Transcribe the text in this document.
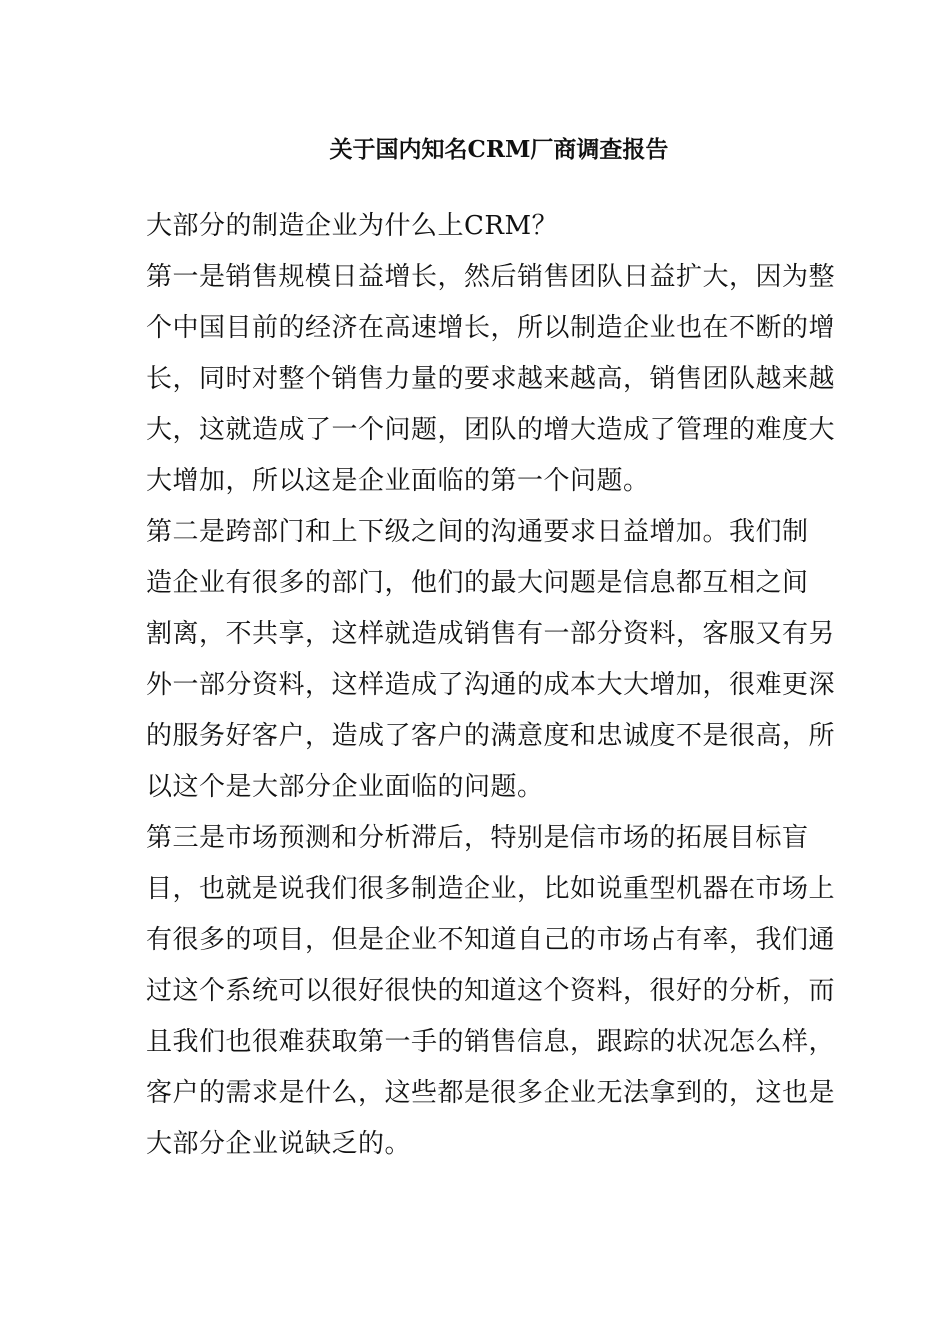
关于国内知名CRM厂商调查报告

大部分的制造企业为什么上CRM？

第一是销售规模日益增长，然后销售团队日益扩大，因为整

个中国目前的经济在高速增长，所以制造企业也在不断的增

长，同时对整个销售力量的要求越来越高，销售团队越来越

大，这就造成了一个问题，团队的增大造成了管理的难度大

大增加，所以这是企业面临的第一个问题。

第二是跨部门和上下级之间的沟通要求日益增加。我们制

造企业有很多的部门，他们的最大问题是信息都互相之间

割离，不共享，这样就造成销售有一部分资料，客服又有另

外一部分资料，这样造成了沟通的成本大大增加，很难更深

的服务好客户，造成了客户的满意度和忠诚度不是很高，所

以这个是大部分企业面临的问题。

第三是市场预测和分析滞后，特别是信市场的拓展目标盲

目，也就是说我们很多制造企业，比如说重型机器在市场上

有很多的项目，但是企业不知道自己的市场占有率，我们通

过这个系统可以很好很快的知道这个资料，很好的分析，而

且我们也很难获取第一手的销售信息，跟踪的状况怎么样，

客户的需求是什么，这些都是很多企业无法拿到的，这也是

大部分企业说缺乏的。
